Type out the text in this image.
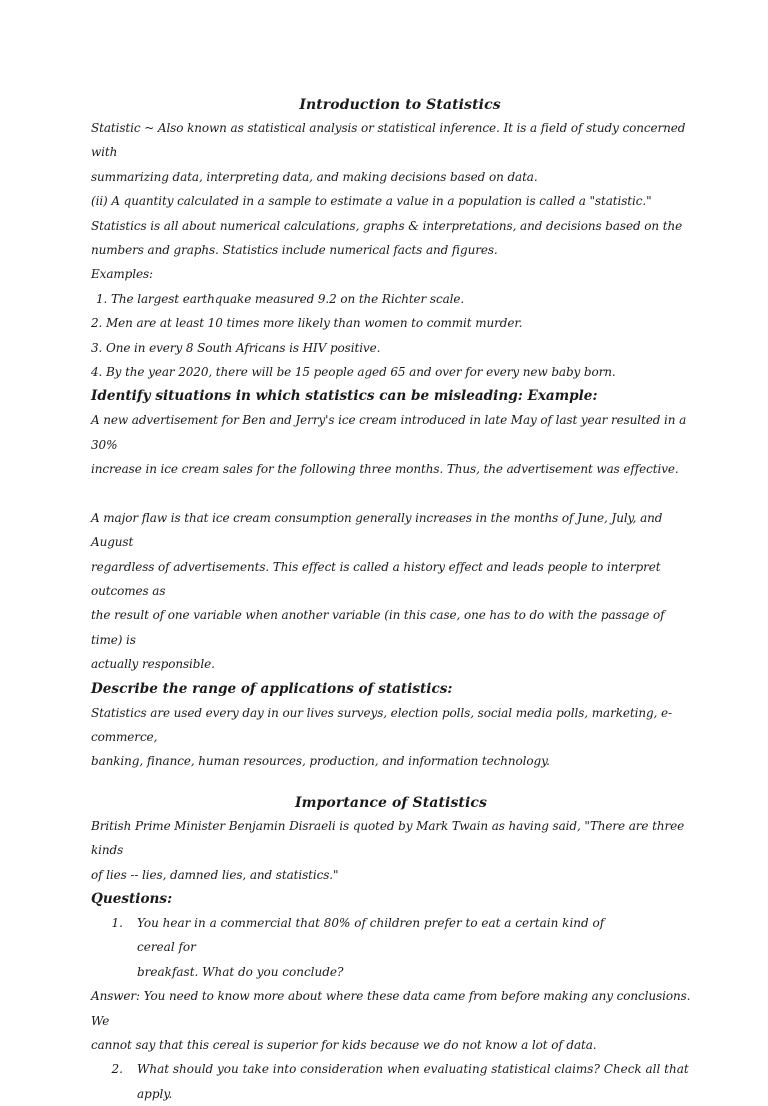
Introduction to Statistics

Statistic ~ Also known as statistical analysis or statistical inference. It is a field of study concerned with

summarizing data, interpreting data, and making decisions based on data.

(ii) A quantity calculated in a sample to estimate a value in a population is called a "statistic."

Statistics is all about numerical calculations, graphs & interpretations, and decisions based on the

numbers and graphs. Statistics include numerical facts and figures.

Examples:

1. The largest earthquake measured 9.2 on the Richter scale.

2. Men are at least 10 times more likely than women to commit murder.

3. One in every 8 South Africans is HIV positive.

4. By the year 2020, there will be 15 people aged 65 and over for every new baby born.

Identify situations in which statistics can be misleading: Example:

A new advertisement for Ben and Jerry's ice cream introduced in late May of last year resulted in a 30%

increase in ice cream sales for the following three months. Thus, the advertisement was effective.

A major flaw is that ice cream consumption generally increases in the months of June, July, and August

regardless of advertisements. This effect is called a history effect and leads people to interpret outcomes as

the result of one variable when another variable (in this case, one has to do with the passage of time) is

actually responsible.

Describe the range of applications of statistics:

Statistics are used every day in our lives surveys, election polls, social media polls, marketing, e-commerce,

banking, finance, human resources, production, and information technology.

Importance of Statistics

British Prime Minister Benjamin Disraeli is quoted by Mark Twain as having said, "There are three kinds

of lies -- lies, damned lies, and statistics."

Questions:

1. You hear in a commercial that 80% of children prefer to eat a certain kind of cereal for
breakfast. What do you conclude?

Answer: You need to know more about where these data came from before making any conclusions. We

cannot say that this cereal is superior for kids because we do not know a lot of data.

2.	What should you take into consideration when evaluating statistical claims? Check all that apply.
